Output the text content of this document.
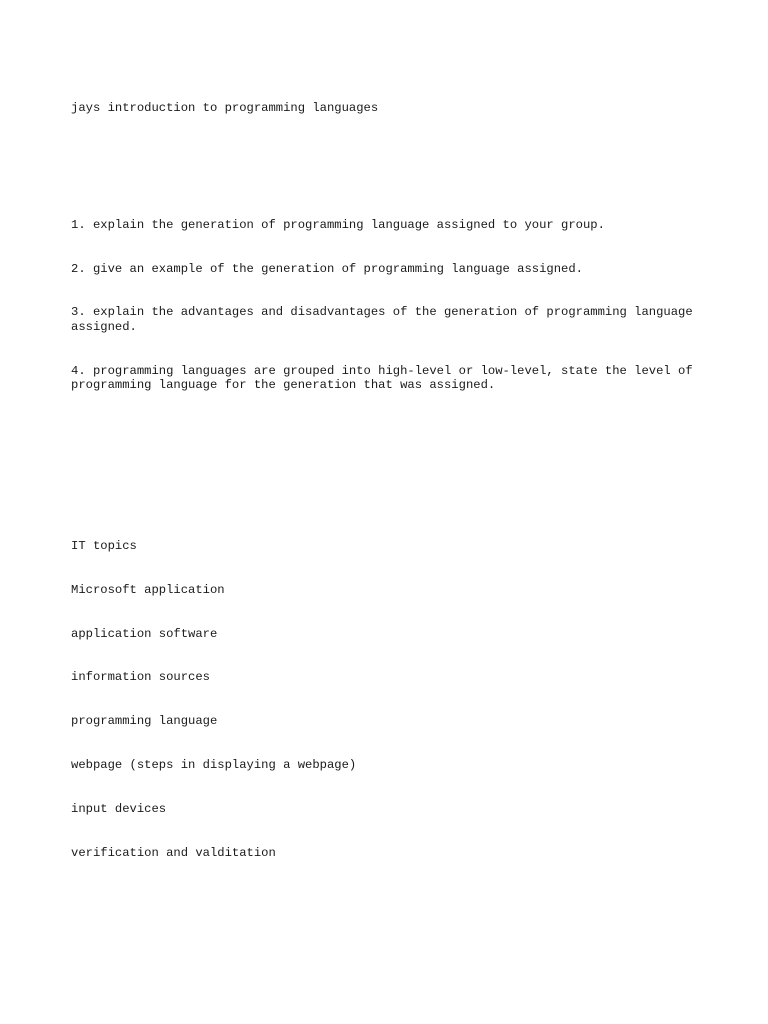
jays introduction to programming languages

1. explain the generation of programming language assigned to your group.

2. give an example of the generation of programming language assigned.

3. explain the advantages and disadvantages of the generation of programming language assigned.

4. programming languages are grouped into high-level or low-level, state the level of programming language for the generation that was assigned.

IT topics

Microsoft application

application software

information sources

programming language

webpage (steps in displaying a webpage)

input devices

verification and valditation
